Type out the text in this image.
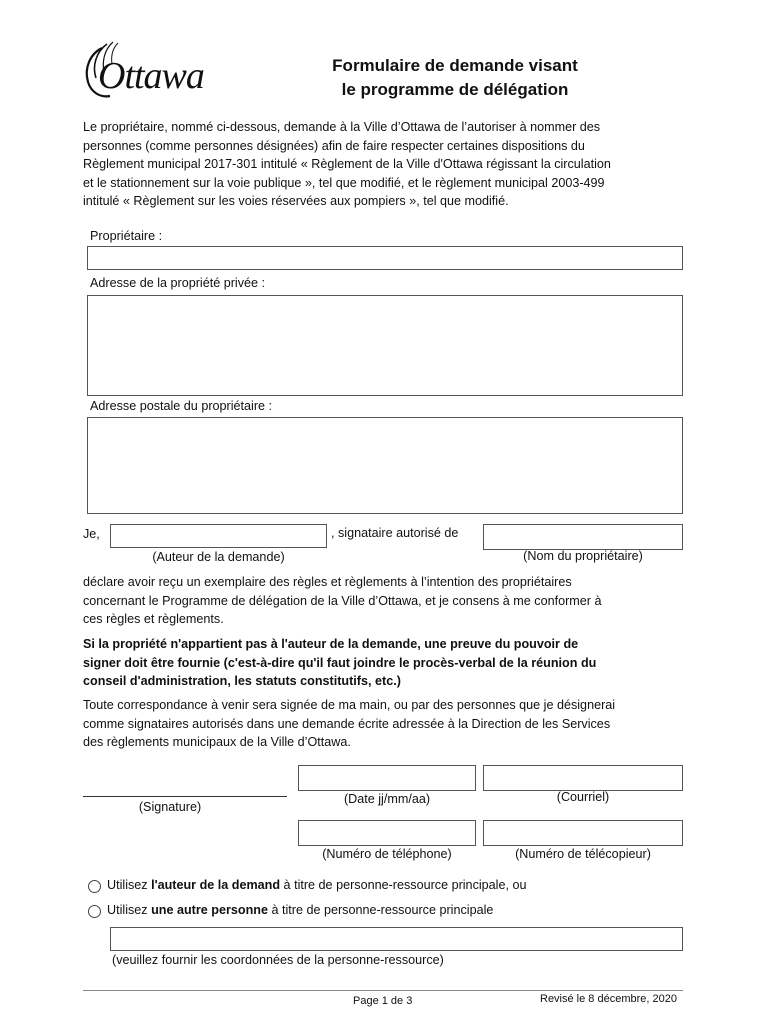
Ottawa	Formulaire de demande visant
le programme de délégation
Le propriétaire, nommé ci-dessous, demande à la Ville d’Ottawa de l’autoriser à nommer des
personnes (comme personnes désignées) afin de faire respecter certaines dispositions du
Règlement municipal 2017-301 intitulé « Règlement de la Ville d'Ottawa régissant la circulation
et le stationnement sur la voie publique », tel que modifié, et le règlement municipal 2003-499
intitulé « Règlement sur les voies réservées aux pompiers », tel que modifié.
Propriétaire :
Adresse de la propriété privée :
Adresse postale du propriétaire :
Je,	, signataire autorisé de
(Auteur de la demande)	(Nom du propriétaire)
déclare avoir reçu un exemplaire des règles et règlements à l’intention des propriétaires
concernant le Programme de délégation de la Ville d’Ottawa, et je consens à me conformer à
ces règles et règlements.
Si la propriété n'appartient pas à l'auteur de la demande, une preuve du pouvoir de
signer doit être fournie (c'est-à-dire qu'il faut joindre le procès-verbal de la réunion du
conseil d'administration, les statuts constitutifs, etc.)
Toute correspondance à venir sera signée de ma main, ou par des personnes que je désignerai
comme signataires autorisés dans une demande écrite adressée à la Direction de les Services
des règlements municipaux de la Ville d’Ottawa.
(Signature)
(Date jj/mm/aa)	(Courriel)
(Numéro de téléphone)	(Numéro de télécopieur)
Utilisez l'auteur de la demand à titre de personne-ressource principale, ou
Utilisez une autre personne à titre de personne-ressource principale
(veuillez fournir les coordonnées de la personne-ressource)
Page 1 de 3	Revisé le 8 décembre, 2020
